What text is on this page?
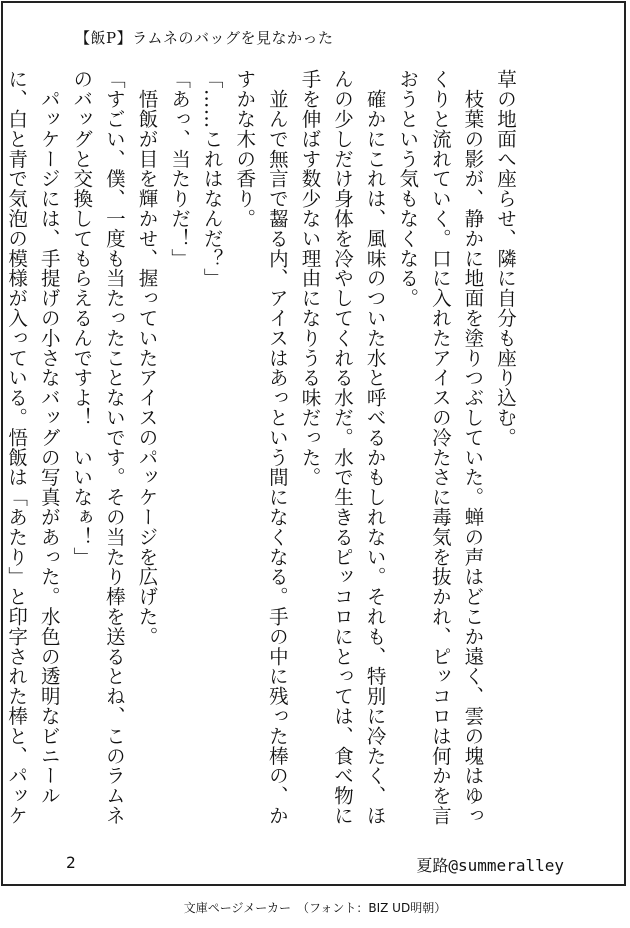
【飯P】ラムネのバッグを見なかった

草の地面へ座らせ、隣に自分も座り込む。

　枝葉の影が、静かに地面を塗りつぶしていた。蝉の声はどこか遠く、雲の塊はゆっくりと流れていく。口に入れたアイスの冷たさに毒気を抜かれ、ピッコロは何かを言おうという気もなくなる。

　確かにこれは、風味のついた水と呼べるかもしれない。それも、特別に冷たく、ほんの少しだけ身体を冷やしてくれる水だ。水で生きるピッコロにとっては、食べ物に手を伸ばす数少ない理由になりうる味だった。

　並んで無言で齧る内、アイスはあっという間になくなる。手の中に残った棒の、かすかな木の香り。

「……これはなんだ？」

「あっ、当たりだ！」

　悟飯が目を輝かせ、握っていたアイスのパッケージを広げた。

「すごい、僕、一度も当たったことないです。その当たり棒を送るとね、このラムネのバッグと交換してもらえるんですよ！　いいなぁ！」

　パッケージには、手提げの小さなバッグの写真があった。水色の透明なビニールに、白と青で気泡の模様が入っている。悟飯は「あたり」と印字された棒と、パッケ

2	夏路@summeralley
文庫ページメーカー　（フォント：BIZ UD明朝）
